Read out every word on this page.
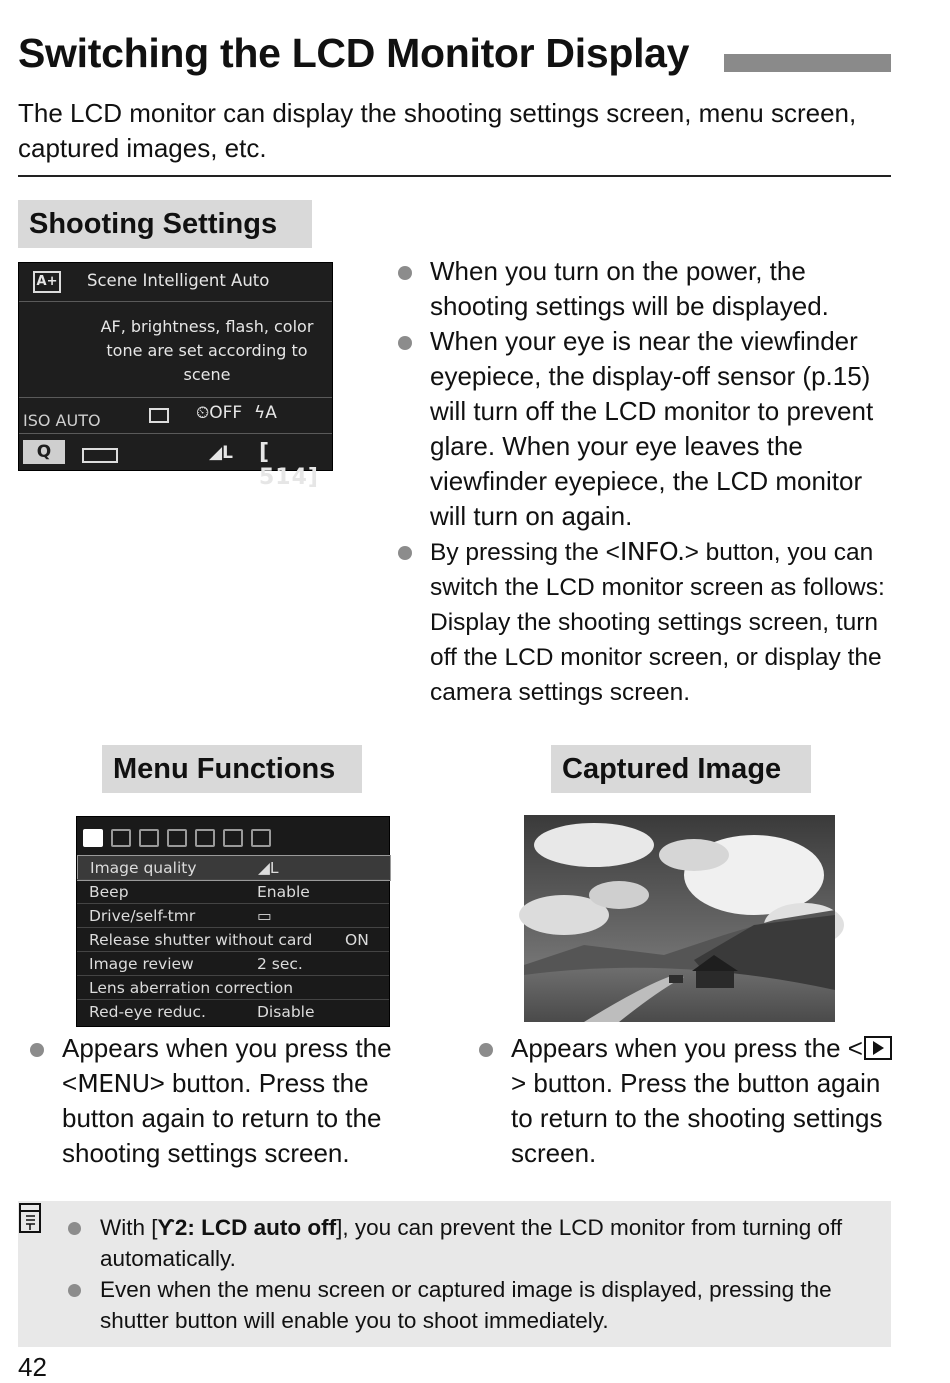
Switching the LCD Monitor Display
The LCD monitor can display the shooting settings screen, menu screen, captured images, etc.
Shooting Settings
A+ Scene Intelligent Auto
AF, brightness, flash, color tone are set according to scene
ISO AUTO	⏲OFF ϟA
Q	◢L [ 514]
When you turn on the power, the shooting settings will be displayed.
When your eye is near the viewfinder eyepiece, the display-off sensor (p.15) will turn off the LCD monitor to prevent glare. When your eye leaves the viewfinder eyepiece, the LCD monitor will turn on again.
By pressing the <INFO.> button, you can switch the LCD monitor screen as follows: Display the shooting settings screen, turn off the LCD monitor screen, or display the camera settings screen.
Menu Functions
Image quality	◢L
Beep	Enable
Drive/self-tmr	▭
Release shutter without card ON
Image review	2 sec.
Lens aberration correction
Red-eye reduc.	Disable
Appears when you press the <MENU> button. Press the button again to return to the shooting settings screen.
Captured Image
Appears when you press the <> button. Press the button again to return to the shooting settings screen.
With [ϒ2: LCD auto off], you can prevent the LCD monitor from turning off automatically.
Even when the menu screen or captured image is displayed, pressing the shutter button will enable you to shoot immediately.
42
